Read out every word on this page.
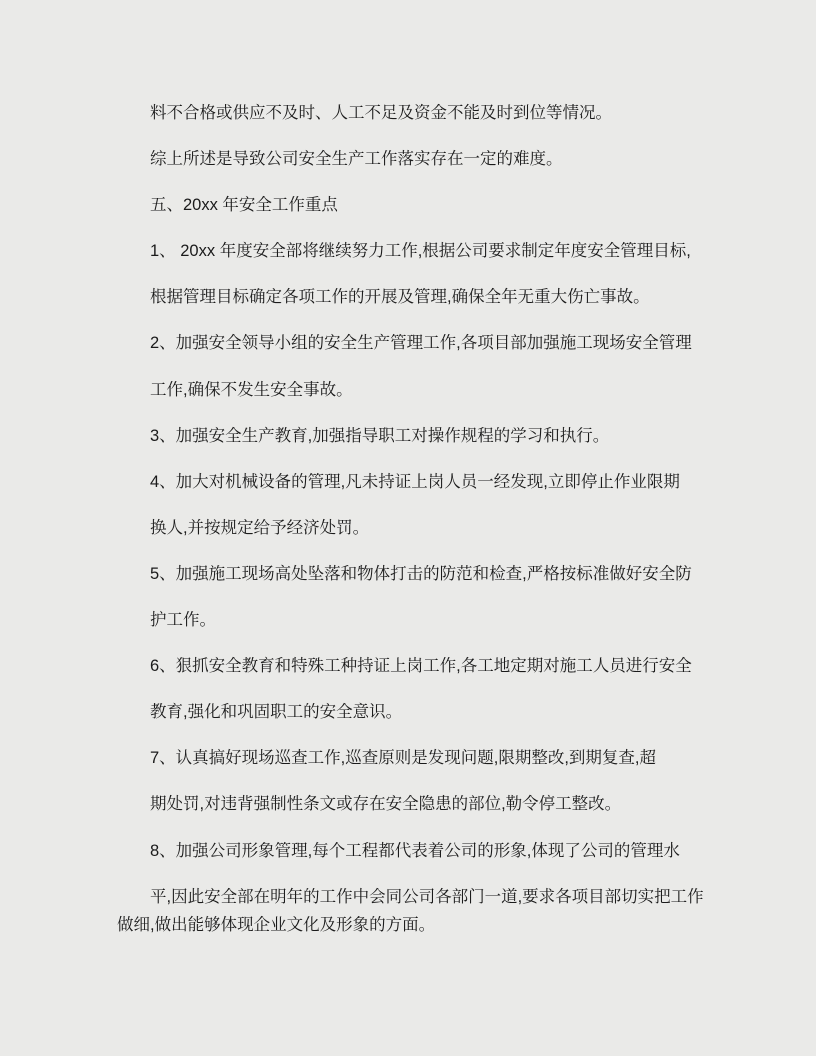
料不合格或供应不及时、人工不足及资金不能及时到位等情况。
综上所述是导致公司安全生产工作落实存在一定的难度。
五、20xx 年安全工作重点
1、 20xx 年度安全部将继续努力工作,根据公司要求制定年度安全管理目标,
根据管理目标确定各项工作的开展及管理,确保全年无重大伤亡事故。
2、加强安全领导小组的安全生产管理工作,各项目部加强施工现场安全管理
工作,确保不发生安全事故。
3、加强安全生产教育,加强指导职工对操作规程的学习和执行。
4、加大对机械设备的管理,凡未持证上岗人员一经发现,立即停止作业限期
换人,并按规定给予经济处罚。
5、加强施工现场高处坠落和物体打击的防范和检查,严格按标准做好安全防
护工作。
6、狠抓安全教育和特殊工种持证上岗工作,各工地定期对施工人员进行安全
教育,强化和巩固职工的安全意识。
7、认真搞好现场巡查工作,巡查原则是发现问题,限期整改,到期复查,超
期处罚,对违背强制性条文或存在安全隐患的部位,勒令停工整改。
8、加强公司形象管理,每个工程都代表着公司的形象,体现了公司的管理水
平,因此安全部在明年的工作中会同公司各部门一道,要求各项目部切实把工作
做细,做出能够体现企业文化及形象的方面。
